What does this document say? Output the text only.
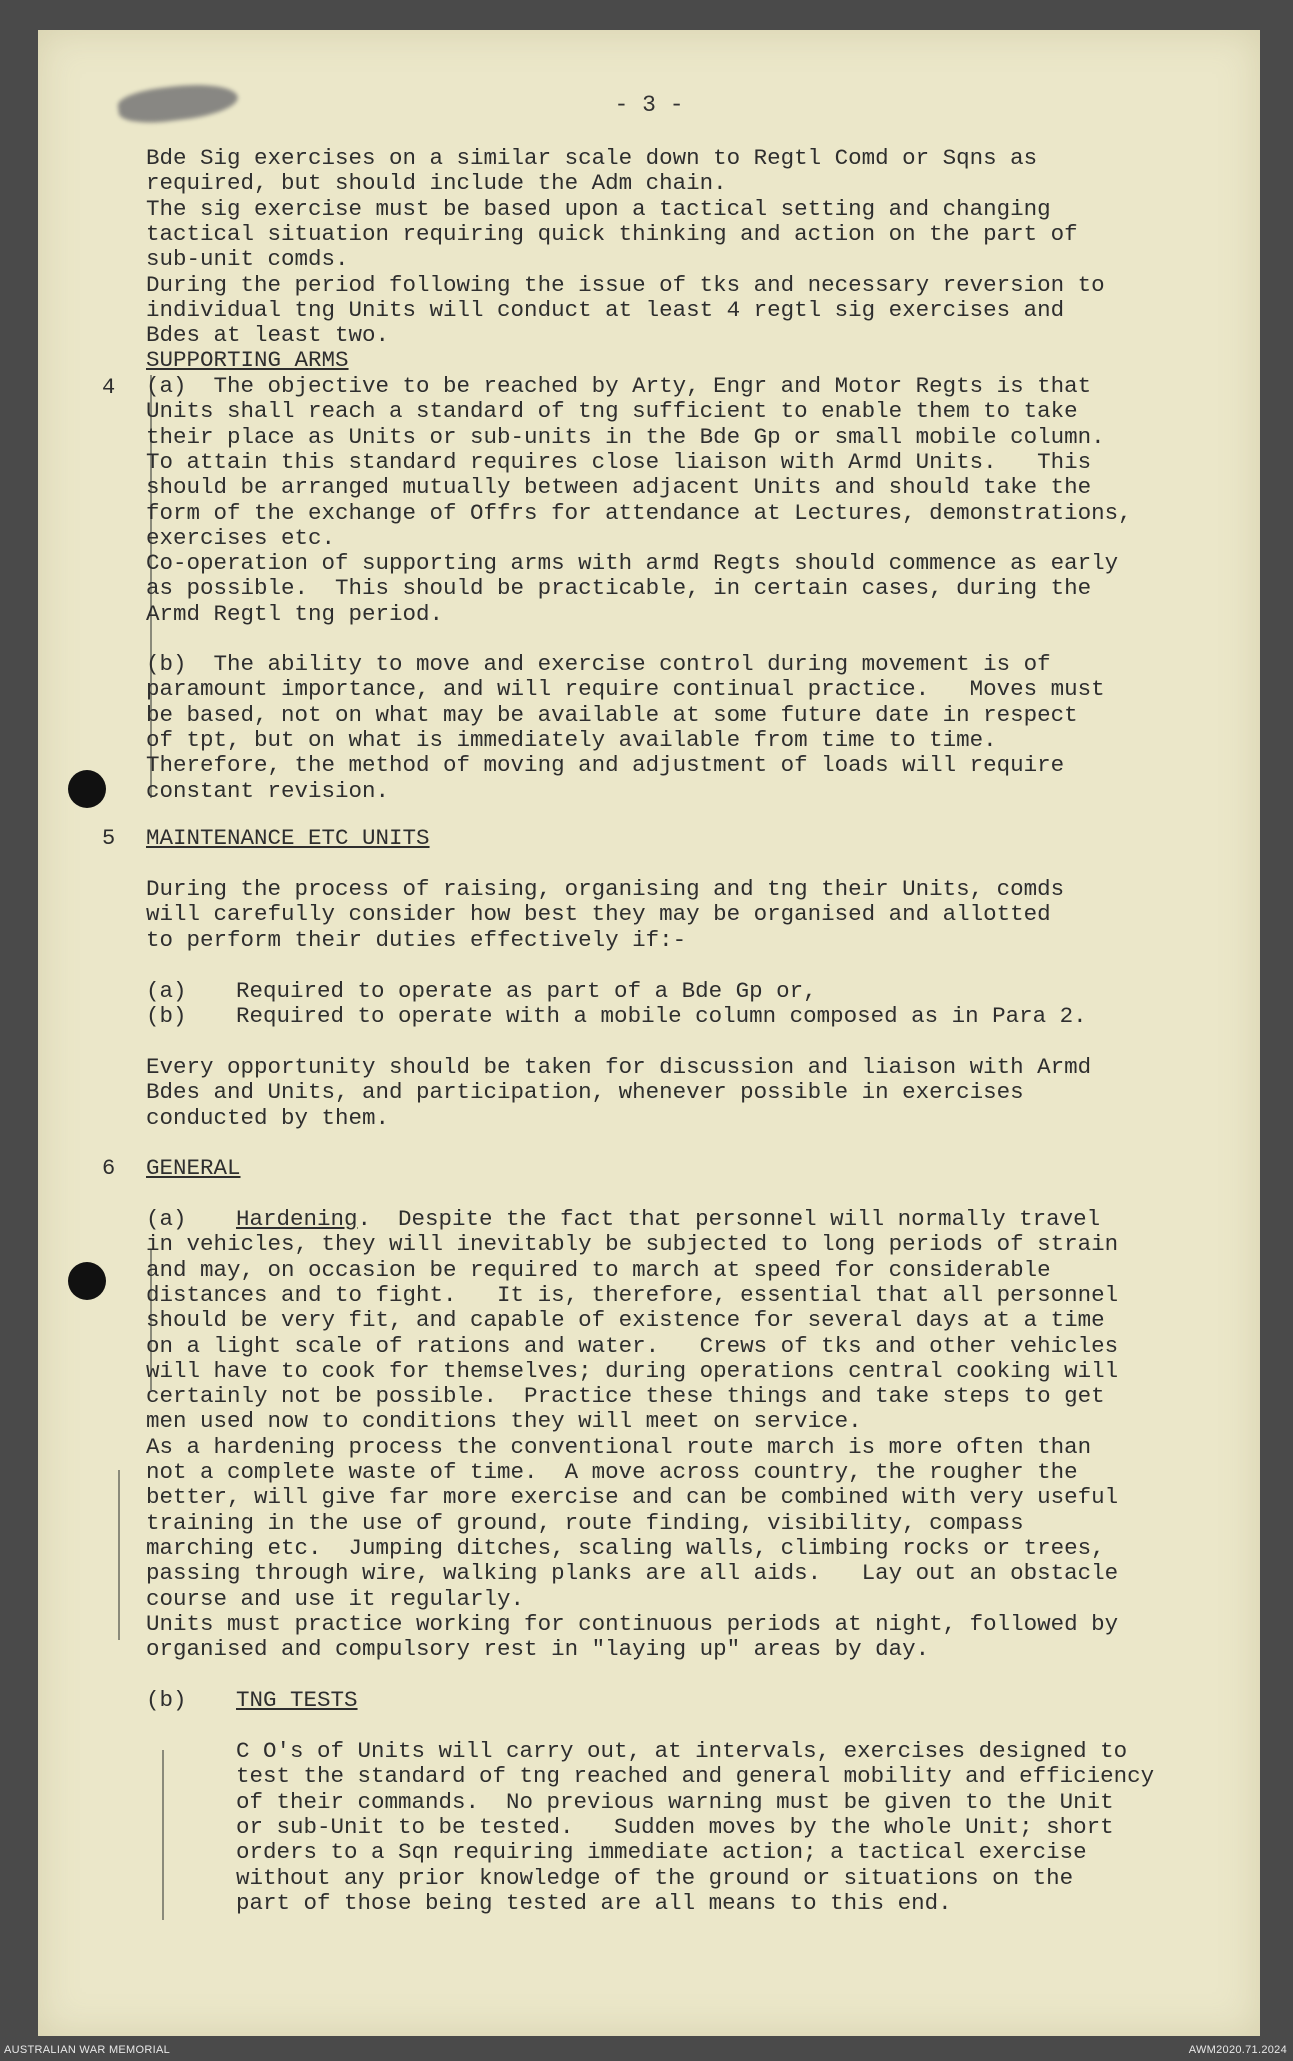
- 3 -
Bde Sig exercises on a similar scale down to Regtl Comd or Sqns as
required, but should include the Adm chain.
The sig exercise must be based upon a tactical setting and changing
tactical situation requiring quick thinking and action on the part of
sub-unit comds.
During the period following the issue of tks and necessary reversion to
individual tng Units will conduct at least 4 regtl sig exercises and
Bdes at least two.
SUPPORTING ARMS
4 (a)  The objective to be reached by Arty, Engr and Motor Regts is that
Units shall reach a standard of tng sufficient to enable them to take
their place as Units or sub-units in the Bde Gp or small mobile column.
To attain this standard requires close liaison with Armd Units.   This
should be arranged mutually between adjacent Units and should take the
form of the exchange of Offrs for attendance at Lectures, demonstrations,
exercises etc.
Co-operation of supporting arms with armd Regts should commence as early
as possible.  This should be practicable, in certain cases, during the
Armd Regtl tng period.
(b)  The ability to move and exercise control during movement is of
paramount importance, and will require continual practice.   Moves must
be based, not on what may be available at some future date in respect
of tpt, but on what is immediately available from time to time.
Therefore, the method of moving and adjustment of loads will require
constant revision.
5 MAINTENANCE ETC UNITS
During the process of raising, organising and tng their Units, comds
will carefully consider how best they may be organised and allotted
to perform their duties effectively if:-
(a) Required to operate as part of a Bde Gp or,
(b) Required to operate with a mobile column composed as in Para 2.
Every opportunity should be taken for discussion and liaison with Armd
Bdes and Units, and participation, whenever possible in exercises
conducted by them.
6 GENERAL
(a) Hardening.  Despite the fact that personnel will normally travel
in vehicles, they will inevitably be subjected to long periods of strain
and may, on occasion be required to march at speed for considerable
distances and to fight.   It is, therefore, essential that all personnel
should be very fit, and capable of existence for several days at a time
on a light scale of rations and water.   Crews of tks and other vehicles
will have to cook for themselves; during operations central cooking will
certainly not be possible.  Practice these things and take steps to get
men used now to conditions they will meet on service.
As a hardening process the conventional route march is more often than
not a complete waste of time.  A move across country, the rougher the
better, will give far more exercise and can be combined with very useful
training in the use of ground, route finding, visibility, compass
marching etc.  Jumping ditches, scaling walls, climbing rocks or trees,
passing through wire, walking planks are all aids.   Lay out an obstacle
course and use it regularly.
Units must practice working for continuous periods at night, followed by
organised and compulsory rest in "laying up" areas by day.
(b) TNG TESTS
C O's of Units will carry out, at intervals, exercises designed to
test the standard of tng reached and general mobility and efficiency
of their commands.  No previous warning must be given to the Unit
or sub-Unit to be tested.   Sudden moves by the whole Unit; short
orders to a Sqn requiring immediate action; a tactical exercise
without any prior knowledge of the ground or situations on the
part of those being tested are all means to this end.
AUSTRALIAN WAR MEMORIAL	AWM2020.71.2024
